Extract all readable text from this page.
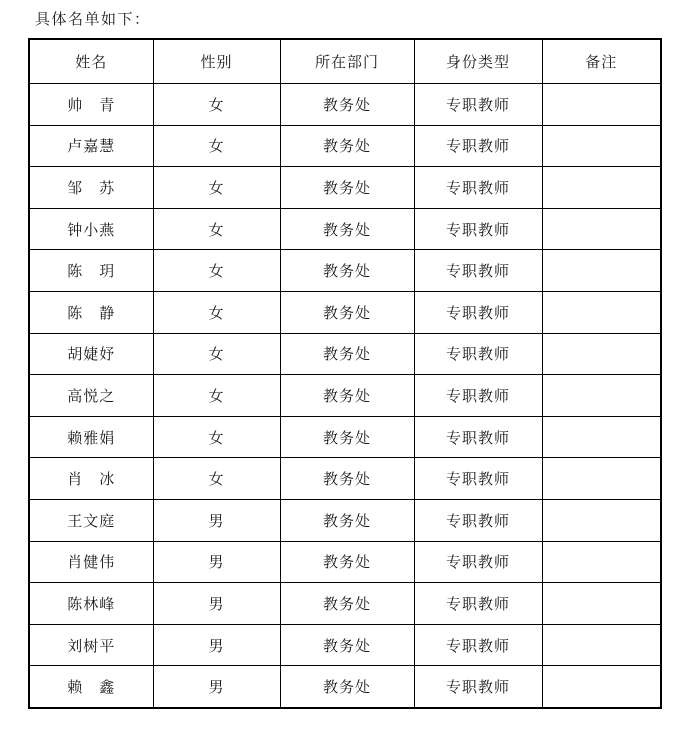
具体名单如下：

姓名	性别	所在部门	身份类型	备注
帅　青	女	教务处	专职教师	
卢嘉慧	女	教务处	专职教师	
邹　苏	女	教务处	专职教师	
钟小燕	女	教务处	专职教师	
陈　玥	女	教务处	专职教师	
陈　静	女	教务处	专职教师	
胡婕妤	女	教务处	专职教师	
高悦之	女	教务处	专职教师	
赖雅娟	女	教务处	专职教师	
肖　冰	女	教务处	专职教师	
王文庭	男	教务处	专职教师	
肖健伟	男	教务处	专职教师	
陈林峰	男	教务处	专职教师	
刘树平	男	教务处	专职教师	
赖　鑫	男	教务处	专职教师	
